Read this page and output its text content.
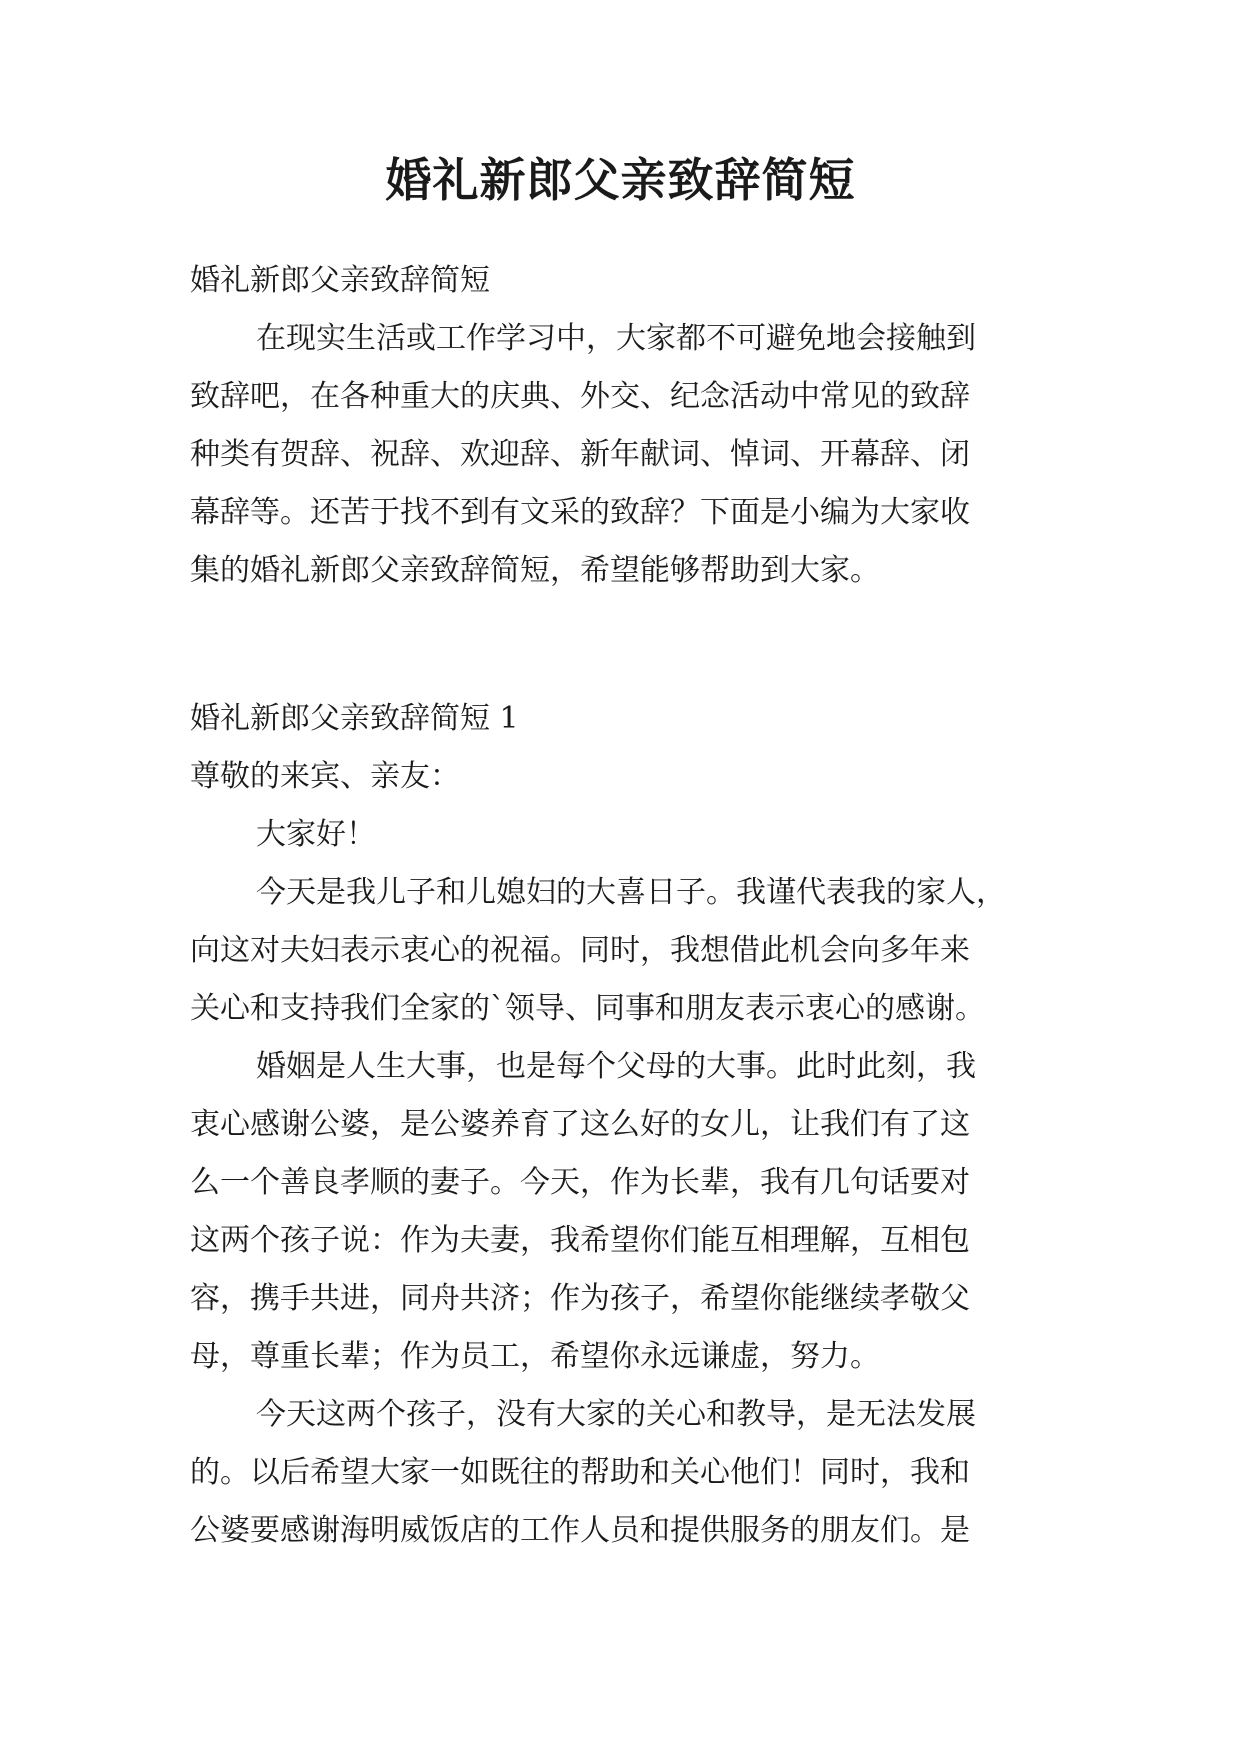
婚礼新郎父亲致辞简短
婚礼新郎父亲致辞简短
在现实生活或工作学习中，大家都不可避免地会接触到
致辞吧，在各种重大的庆典、外交、纪念活动中常见的致辞
种类有贺辞、祝辞、欢迎辞、新年献词、悼词、开幕辞、闭
幕辞等。还苦于找不到有文采的致辞？下面是小编为大家收
集的婚礼新郎父亲致辞简短，希望能够帮助到大家。
婚礼新郎父亲致辞简短 1
尊敬的来宾、亲友：
大家好！
今天是我儿子和儿媳妇的大喜日子。我谨代表我的家人，
向这对夫妇表示衷心的祝福。同时，我想借此机会向多年来
关心和支持我们全家的`领导、同事和朋友表示衷心的感谢。
婚姻是人生大事，也是每个父母的大事。此时此刻，我
衷心感谢公婆，是公婆养育了这么好的女儿，让我们有了这
么一个善良孝顺的妻子。今天，作为长辈，我有几句话要对
这两个孩子说：作为夫妻，我希望你们能互相理解，互相包
容，携手共进，同舟共济；作为孩子，希望你能继续孝敬父
母，尊重长辈；作为员工，希望你永远谦虚，努力。
今天这两个孩子，没有大家的关心和教导，是无法发展
的。以后希望大家一如既往的帮助和关心他们！同时，我和
公婆要感谢海明威饭店的工作人员和提供服务的朋友们。是
